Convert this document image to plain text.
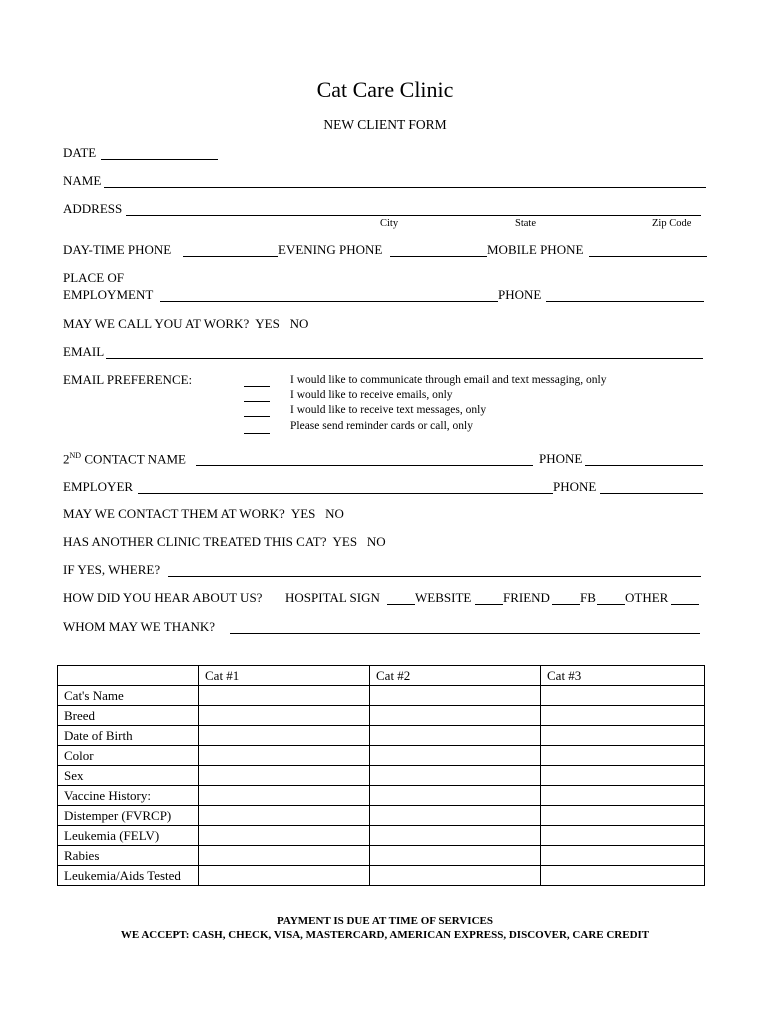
Cat Care Clinic
NEW CLIENT FORM
DATE
NAME
ADDRESS
City	State	Zip Code
DAY-TIME PHONE	EVENING PHONE	MOBILE PHONE
PLACE OF
EMPLOYMENT	PHONE
MAY WE CALL YOU AT WORK? YES NO
EMAIL
EMAIL PREFERENCE:	I would like to communicate through email and text messaging, only
I would like to receive emails, only
I would like to receive text messages, only
Please send reminder cards or call, only
2ND CONTACT NAME	PHONE
EMPLOYER	PHONE
MAY WE CONTACT THEM AT WORK? YES NO
HAS ANOTHER CLINIC TREATED THIS CAT? YES NO
IF YES, WHERE?
HOW DID YOU HEAR ABOUT US? HOSPITAL SIGN	WEBSITE FRIEND FB OTHER
WHOM MAY WE THANK?
	Cat #1	Cat #2	Cat #3
Cat's Name			
Breed			
Date of Birth			
Color			
Sex			
Vaccine History:			
Distemper (FVRCP)			
Leukemia (FELV)			
Rabies			
Leukemia/Aids Tested			
PAYMENT IS DUE AT TIME OF SERVICES
WE ACCEPT: CASH, CHECK, VISA, MASTERCARD, AMERICAN EXPRESS, DISCOVER, CARE CREDIT
